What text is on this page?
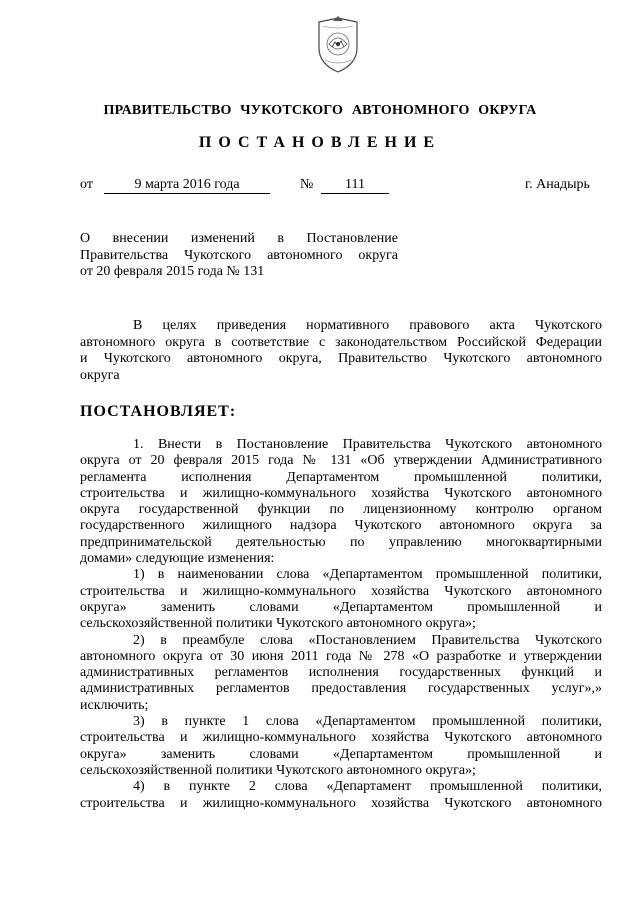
ПРАВИТЕЛЬСТВО ЧУКОТСКОГО АВТОНОМНОГО ОКРУГА
ПОСТАНОВЛЕНИЕ
от	9 марта 2016 года	№	111	г. Анадырь
О внесении изменений в Постановление
Правительства Чукотского автономного округа
от 20 февраля 2015 года № 131
В целях приведения нормативного правового акта Чукотского
автономного округа в соответствие с законодательством Российской Федерации
и Чукотского автономного округа, Правительство Чукотского автономного
округа
ПОСТАНОВЛЯЕТ:
1. Внести в Постановление Правительства Чукотского автономного
округа от 20 февраля 2015 года № 131 «Об утверждении Административного
регламента исполнения Департаментом промышленной политики,
строительства и жилищно-коммунального хозяйства Чукотского автономного
округа государственной функции по лицензионному контролю органом
государственного жилищного надзора Чукотского автономного округа за
предпринимательской деятельностью по управлению многоквартирными
домами» следующие изменения:
1) в наименовании слова «Департаментом промышленной политики,
строительства и жилищно-коммунального хозяйства Чукотского автономного
округа» заменить словами «Департаментом промышленной и
сельскохозяйственной политики Чукотского автономного округа»;
2) в преамбуле слова «Постановлением Правительства Чукотского
автономного округа от 30 июня 2011 года № 278 «О разработке и утверждении
административных регламентов исполнения государственных функций и
административных регламентов предоставления государственных услуг»,»
исключить;
3) в пункте 1 слова «Департаментом промышленной политики,
строительства и жилищно-коммунального хозяйства Чукотского автономного
округа» заменить словами «Департаментом промышленной и
сельскохозяйственной политики Чукотского автономного округа»;
4) в пункте 2 слова «Департамент промышленной политики,
строительства и жилищно-коммунального хозяйства Чукотского автономного
